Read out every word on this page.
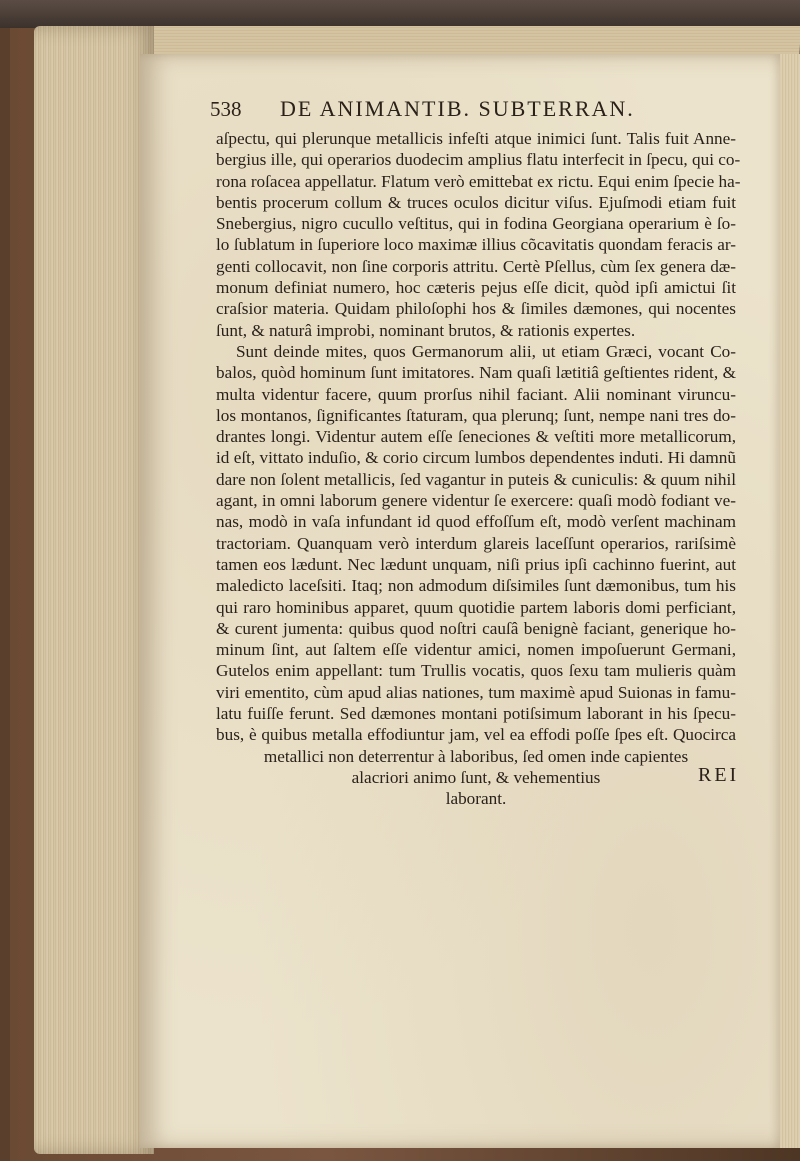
538	DE ANIMANTIB. SUBTERRAN.
aſpectu, qui plerunque metallicis infeſti atque inimici ſunt. Talis fuit Anne-
bergius ille, qui operarios duodecim amplius flatu interfecit in ſpecu, qui co-
rona roſacea appellatur. Flatum verò emittebat ex rictu. Equi enim ſpecie ha-
bentis procerum collum & truces oculos dicitur viſus. Ejuſmodi etiam fuit
Snebergius, nigro cucullo veſtitus, qui in fodina Georgiana operarium è ſo-
lo ſublatum in ſuperiore loco maximæ illius cõcavitatis quondam feracis ar-
genti collocavit, non ſine corporis attritu. Certè Pſellus, cùm ſex genera dæ-
monum definiat numero, hoc cæteris pejus eſſe dicit, quòd ipſi amictui ſit
craſsior materia. Quidam philoſophi hos & ſimiles dæmones, qui nocentes
ſunt, & naturâ improbi, nominant brutos, & rationis expertes.
Sunt deinde mites, quos Germanorum alii, ut etiam Græci, vocant Co-
balos, quòd hominum ſunt imitatores. Nam quaſi lætitiâ geſtientes rident, &
multa videntur facere, quum prorſus nihil faciant. Alii nominant viruncu-
los montanos, ſignificantes ſtaturam, qua plerunq; ſunt, nempe nani tres do-
drantes longi. Videntur autem eſſe ſeneciones & veſtiti more metallicorum,
id eſt, vittato induſio, & corio circum lumbos dependentes induti. Hi damnũ
dare non ſolent metallicis, ſed vagantur in puteis & cuniculis: & quum nihil
agant, in omni laborum genere videntur ſe exercere: quaſi modò fodiant ve-
nas, modò in vaſa infundant id quod effoſſum eſt, modò verſent machinam
tractoriam. Quanquam verò interdum glareis laceſſunt operarios, rariſsimè
tamen eos lædunt. Nec lædunt unquam, niſi prius ipſi cachinno fuerint, aut
maledicto laceſsiti. Itaq; non admodum diſsimiles ſunt dæmonibus, tum his
qui raro hominibus apparet, quum quotidie partem laboris domi perficiant,
& curent jumenta: quibus quod noſtri cauſâ benignè faciant, generique ho-
minum ſint, aut ſaltem eſſe videntur amici, nomen impoſuerunt Germani,
Gutelos enim appellant: tum Trullis vocatis, quos ſexu tam mulieris quàm
viri ementito, cùm apud alias nationes, tum maximè apud Suionas in famu-
latu fuiſſe ferunt. Sed dæmones montani potiſsimum laborant in his ſpecu-
bus, è quibus metalla effodiuntur jam, vel ea effodi poſſe ſpes eſt. Quocirca
metallici non deterrentur à laboribus, ſed omen inde capientes
alacriori animo ſunt, & vehementius
laborant.
REI
